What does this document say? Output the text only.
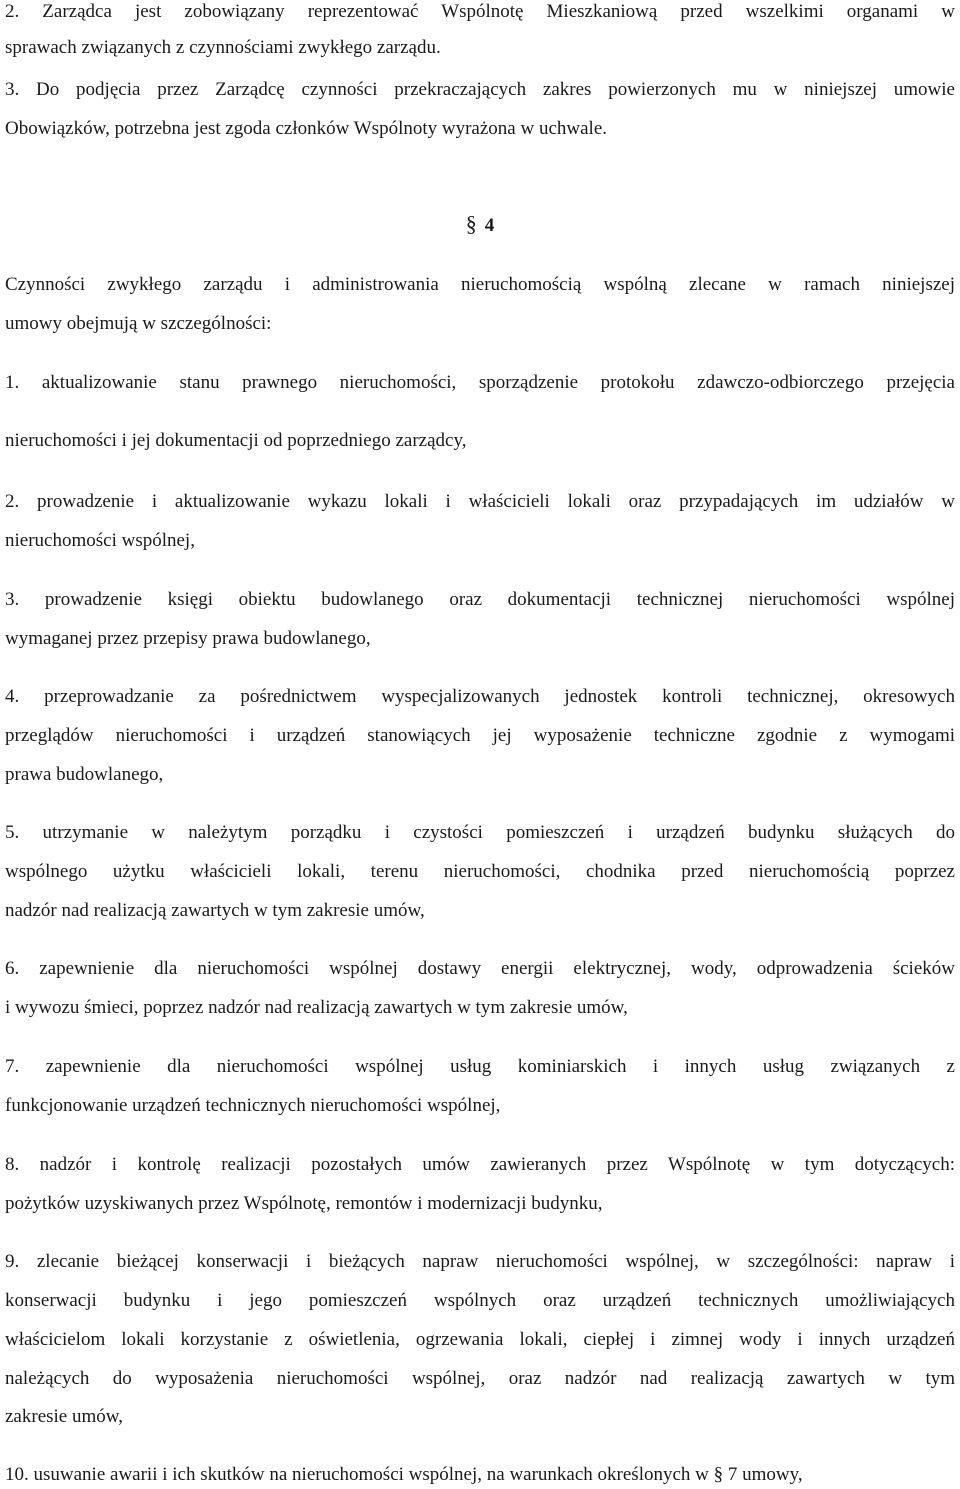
2. Zarządca jest zobowiązany reprezentować Wspólnotę Mieszkaniową przed wszelkimi organami w
sprawach związanych z czynnościami zwykłego zarządu.
3. Do podjęcia przez Zarządcę czynności przekraczających zakres powierzonych mu w niniejszej umowie
Obowiązków, potrzebna jest zgoda członków Wspólnoty wyrażona w uchwale.
§ 4
Czynności zwykłego zarządu i administrowania nieruchomością wspólną zlecane w ramach niniejszej
umowy obejmują w szczególności:
1. aktualizowanie stanu prawnego nieruchomości, sporządzenie protokołu zdawczo-odbiorczego przejęcia
nieruchomości i jej dokumentacji od poprzedniego zarządcy,
2. prowadzenie i aktualizowanie wykazu lokali i właścicieli lokali oraz przypadających im udziałów w
nieruchomości wspólnej,
3. prowadzenie księgi obiektu budowlanego oraz dokumentacji technicznej nieruchomości wspólnej
wymaganej przez przepisy prawa budowlanego,
4. przeprowadzanie za pośrednictwem wyspecjalizowanych jednostek kontroli technicznej, okresowych
przeglądów nieruchomości i urządzeń stanowiących jej wyposażenie techniczne zgodnie z wymogami
prawa budowlanego,
5. utrzymanie w należytym porządku i czystości pomieszczeń i urządzeń budynku służących do
wspólnego użytku właścicieli lokali, terenu nieruchomości, chodnika przed nieruchomością poprzez
nadzór nad realizacją zawartych w tym zakresie umów,
6. zapewnienie dla nieruchomości wspólnej dostawy energii elektrycznej, wody, odprowadzenia ścieków
i wywozu śmieci, poprzez nadzór nad realizacją zawartych w tym zakresie umów,
7. zapewnienie dla nieruchomości wspólnej usług kominiarskich i innych usług związanych z
funkcjonowanie urządzeń technicznych nieruchomości wspólnej,
8. nadzór i kontrolę realizacji pozostałych umów zawieranych przez Wspólnotę w tym dotyczących:
pożytków uzyskiwanych przez Wspólnotę, remontów i modernizacji budynku,
9. zlecanie bieżącej konserwacji i bieżących napraw nieruchomości wspólnej, w szczególności: napraw i
konserwacji budynku i jego pomieszczeń wspólnych oraz urządzeń technicznych umożliwiających
właścicielom lokali korzystanie z oświetlenia, ogrzewania lokali, ciepłej i zimnej wody i innych urządzeń
należących do wyposażenia nieruchomości wspólnej, oraz nadzór nad realizacją zawartych w tym
zakresie umów,
10. usuwanie awarii i ich skutków na nieruchomości wspólnej, na warunkach określonych w § 7 umowy,
